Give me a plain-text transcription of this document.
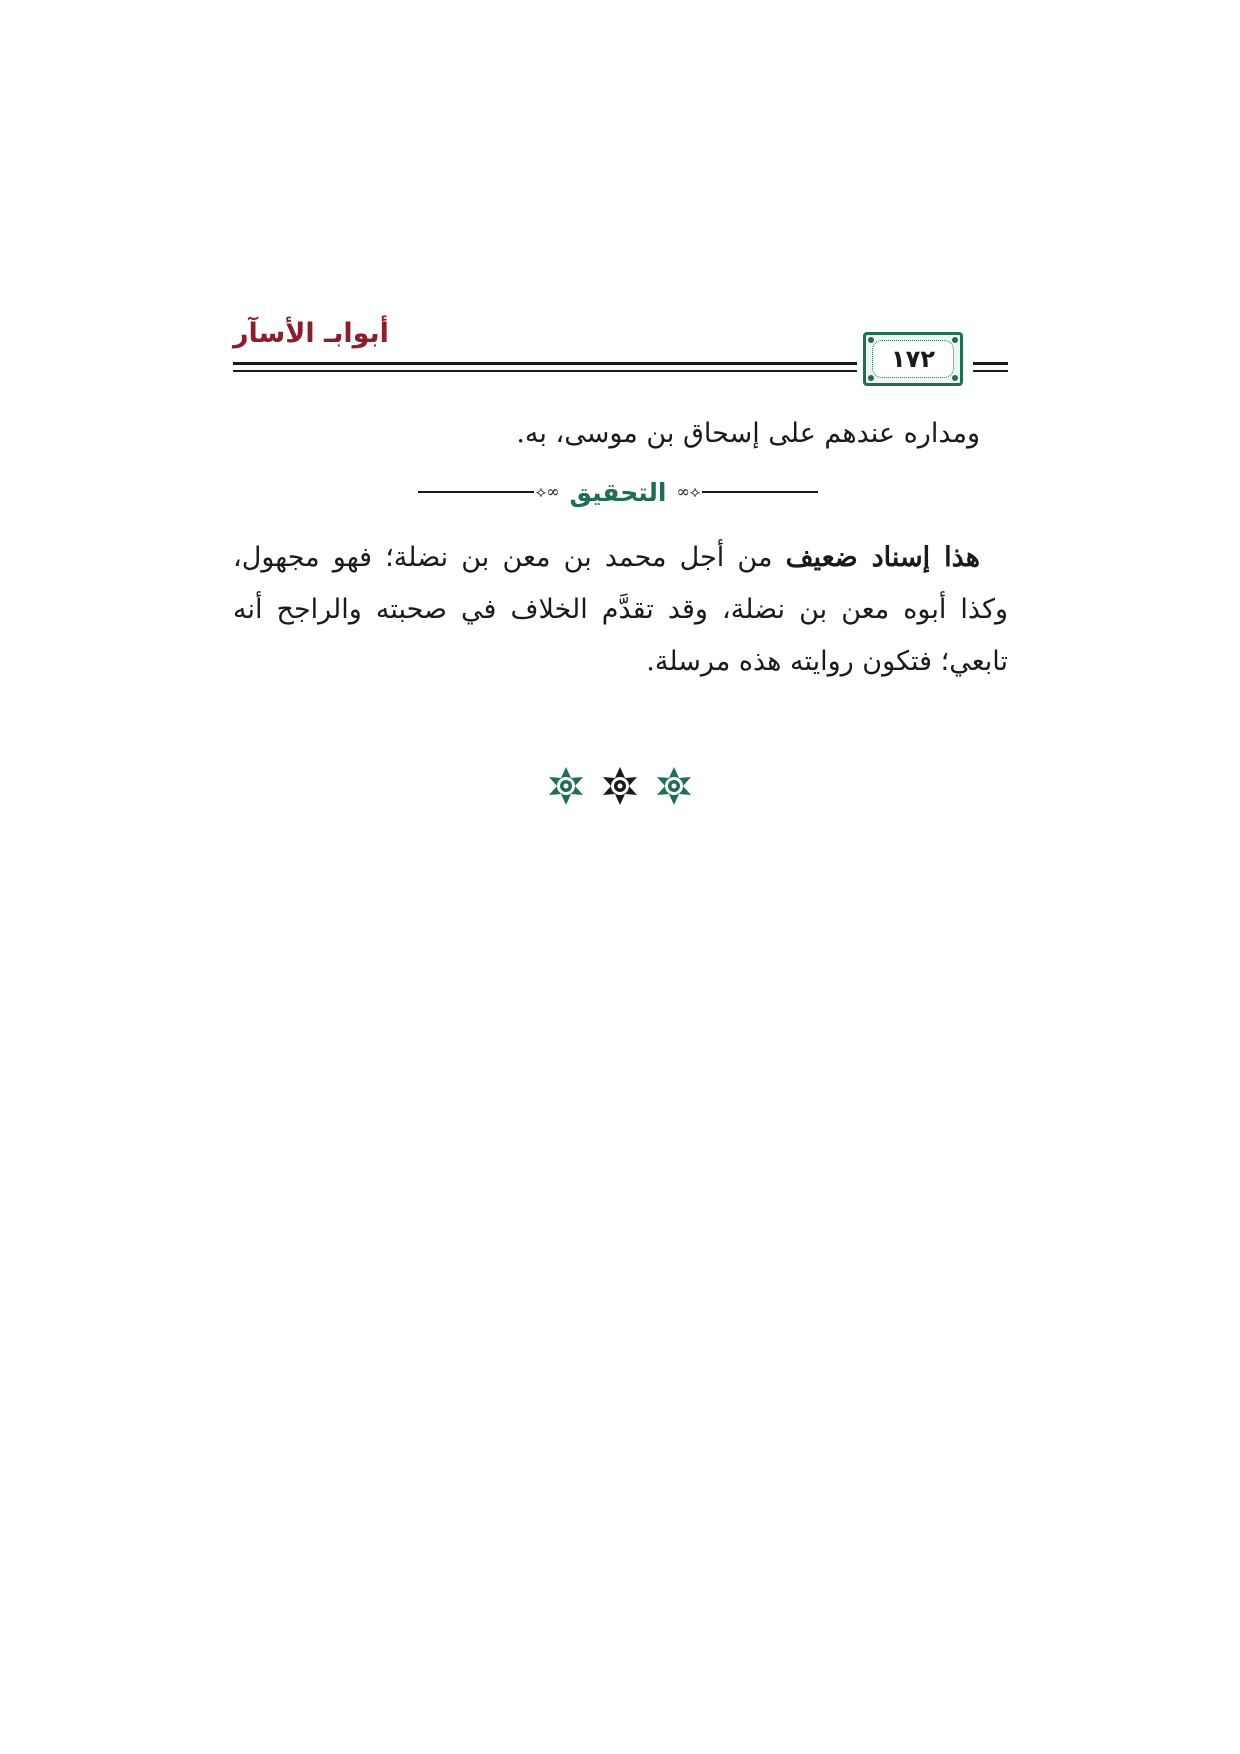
أبوابـ الأسآر
١٧٢
ومداره عندهم على إسحاق بن موسى، به.
⟡∞
التحقيق
∞⟡
هذا إسناد ضعيف من أجل محمد بن معن بن نضلة؛ فهو مجهول، وكذا أبوه معن بن نضلة، وقد تقدَّم الخلاف في صحبته والراجح أنه تابعي؛ فتكون روايته هذه مرسلة.
